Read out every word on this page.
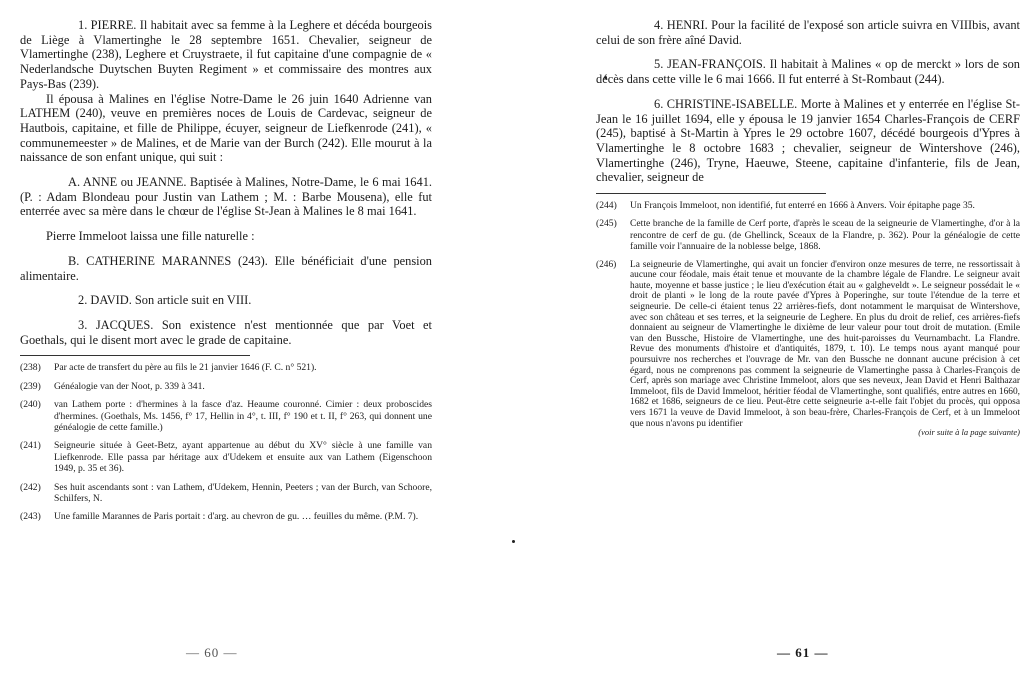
1. PIERRE. Il habitait avec sa femme à la Leghere et décéda bourgeois de Liège à Vlamertinghe le 28 septembre 1651. Chevalier, seigneur de Vlamertinghe (238), Leghere et Cruystraete, il fut capitaine d'une compagnie de « Nederlandsche Duytschen Buyten Regiment » et commissaire des montres aux Pays-Bas (239).

Il épousa à Malines en l'église Notre-Dame le 26 juin 1640 Adrienne van LATHEM (240), veuve en premières noces de Louis de Cardevac, seigneur de Hautbois, capitaine, et fille de Philippe, écuyer, seigneur de Liefkenrode (241), « communemeester » de Malines, et de Marie van der Burch (242). Elle mourut à la naissance de son enfant unique, qui suit :

A. ANNE ou JEANNE. Baptisée à Malines, Notre-Dame, le 6 mai 1641. (P. : Adam Blondeau pour Justin van Lathem ; M. : Barbe Mousena), elle fut enterrée avec sa mère dans le chœur de l'église St-Jean à Malines le 8 mai 1641.

Pierre Immeloot laissa une fille naturelle :

B. CATHERINE MARANNES (243). Elle bénéficiait d'une pension alimentaire.

2. DAVID. Son article suit en VIII.

3. JACQUES. Son existence n'est mentionnée que par Voet et Goethals, qui le disent mort avec le grade de capitaine.

(238)	Par acte de transfert du père au fils le 21 janvier 1646 (F. C. n° 521).
(239)	Généalogie van der Noot, p. 339 à 341.
(240)	van Lathem porte : d'hermines à la fasce d'az. Heaume couronné. Cimier : deux proboscides d'hermines. (Goethals, Ms. 1456, f° 17, Hellin in 4°, t. III, f° 190 et t. II, f° 263, qui donnent une généalogie de cette famille.)
(241)	Seigneurie située à Geet-Betz, ayant appartenue au début du XV° siècle à une famille van Liefkenrode. Elle passa par héritage aux d'Udekem et ensuite aux van Lathem (Eigenschoon 1949, p. 35 et 36).
(242)	Ses huit ascendants sont : van Lathem, d'Udekem, Hennin, Peeters ; van der Burch, van Schoore, Schilfers, N.
(243)	Une famille Marannes de Paris portait : d'arg. au chevron de gu. … feuilles du même. (P.M. 7).
— 60 —

4. HENRI. Pour la facilité de l'exposé son article suivra en VIIIbis, avant celui de son frère aîné David.

5. JEAN-FRANÇOIS. Il habitait à Malines « op de merckt » lors de son décès dans cette ville le 6 mai 1666. Il fut enterré à St-Rombaut (244).

6. CHRISTINE-ISABELLE. Morte à Malines et y enterrée en l'église St-Jean le 16 juillet 1694, elle y épousa le 19 janvier 1654 Charles-François de CERF (245), baptisé à St-Martin à Ypres le 29 octobre 1607, décédé bourgeois d'Ypres à Vlamertinghe le 8 octobre 1683 ; chevalier, seigneur de Wintershove (246), Vlamertinghe (246), Tryne, Haeuwe, Steene, capitaine d'infanterie, fils de Jean, chevalier, seigneur de

(244)	Un François Immeloot, non identifié, fut enterré en 1666 à Anvers. Voir épitaphe page 35.
(245)	Cette branche de la famille de Cerf porte, d'après le sceau de la seigneurie de Vlamertinghe, d'or à la rencontre de cerf de gu. (de Ghellinck, Sceaux de la Flandre, p. 362). Pour la généalogie de cette famille voir l'annuaire de la noblesse belge, 1868.
(246)	La seigneurie de Vlamertinghe, qui avait un foncier d'environ onze mesures de terre, ne ressortissait à aucune cour féodale, mais était tenue et mouvante de la chambre légale de Flandre. Le seigneur avait haute, moyenne et basse justice ; le lieu d'exécution était au « galgheveldt ». Le seigneur possédait le « droit de planti » le long de la route pavée d'Ypres à Poperinghe, sur toute l'étendue de la terre et seigneurie. De celle-ci étaient tenus 22 arrières-fiefs, dont notamment le marquisat de Wintershove, avec son château et ses terres, et la seigneurie de Leghere. En plus du droit de relief, ces arrières-fiefs donnaient au seigneur de Vlamertinghe le dixième de leur valeur pour tout droit de mutation. (Emile van den Bussche, Histoire de Vlamertinghe, une des huit-paroisses du Veurnambacht. La Flandre. Revue des monuments d'histoire et d'antiquités, 1879, t. 10). Le temps nous ayant manqué pour poursuivre nos recherches et l'ouvrage de Mr. van den Bussche ne donnant aucune précision à cet égard, nous ne comprenons pas comment la seigneurie de Vlamertinghe passa à Charles-François de Cerf, après son mariage avec Christine Immeloot, alors que ses neveux, Jean David et Henri Balthazar Immeloot, fils de David Immeloot, héritier féodal de Vlamertinghe, sont qualifiés, entre autres en 1660, 1682 et 1686, seigneurs de ce lieu. Peut-être cette seigneurie a-t-elle fait l'objet du procès, qui opposa vers 1671 la veuve de David Immeloot, à son beau-frère, Charles-François de Cerf, et à un Immeloot que nous n'avons pu identifier
(voir suite à la page suivante)
— 61 —
